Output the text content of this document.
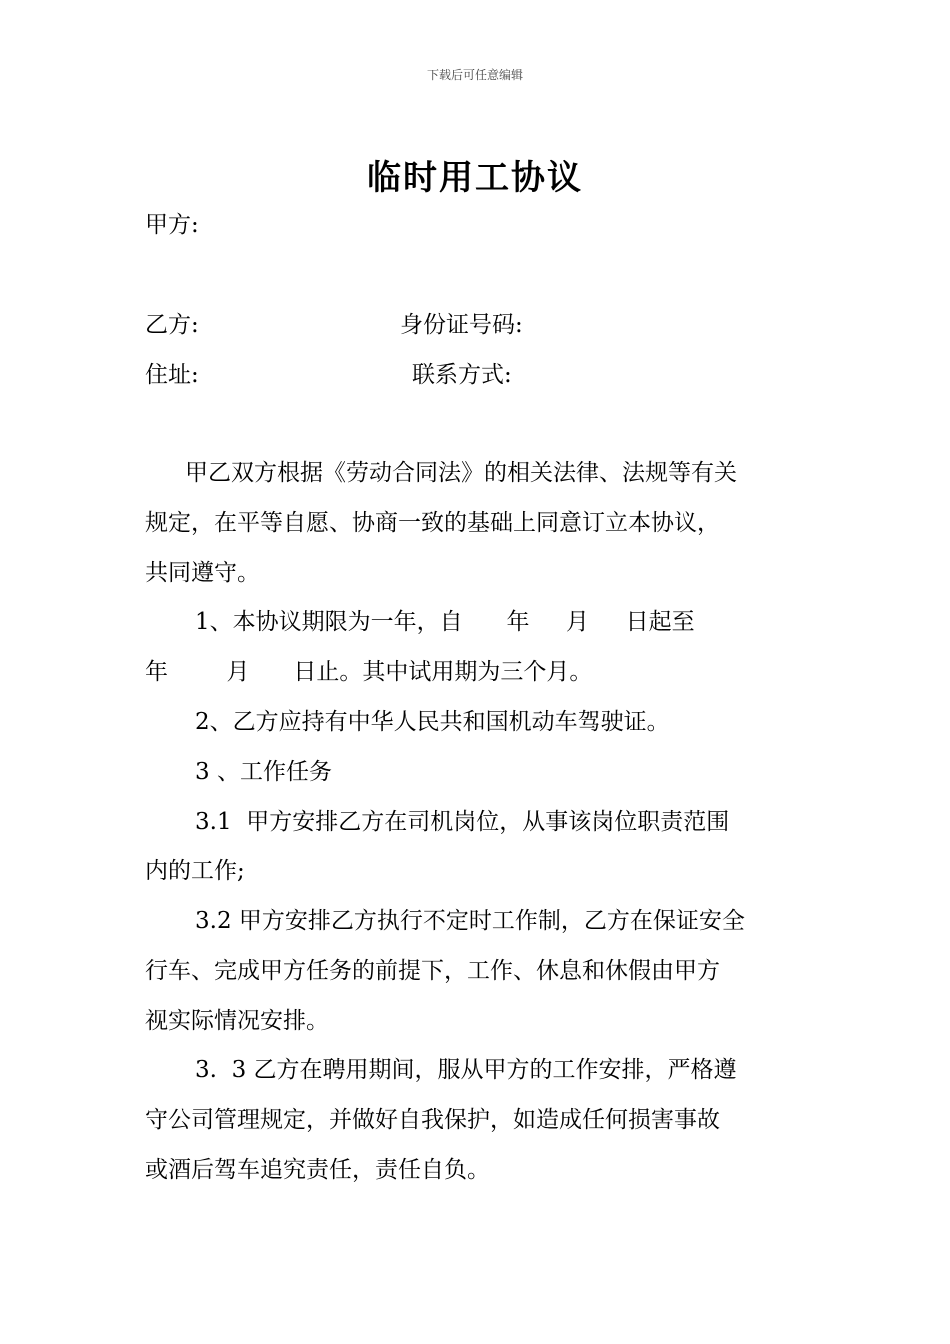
下载后可任意编辑
临时用工协议
甲方:
乙方:	身份证号码:
住址:	联系方式:
甲乙双方根据《劳动合同法》的相关法律、法规等有关
规定，在平等自愿、协商一致的基础上同意订立本协议，
共同遵守。
1、本协议期限为一年，自      年     月     日起至
年        月      日止。其中试用期为三个月。
2、乙方应持有中华人民共和国机动车驾驶证。
3 、工作任务
3.1  甲方安排乙方在司机岗位，从事该岗位职责范围
内的工作;
3.2 甲方安排乙方执行不定时工作制，乙方在保证安全
行车、完成甲方任务的前提下，工作、休息和休假由甲方
视实际情况安排。
3.  3 乙方在聘用期间，服从甲方的工作安排，严格遵
守公司管理规定，并做好自我保护，如造成任何损害事故
或酒后驾车追究责任，责任自负。
